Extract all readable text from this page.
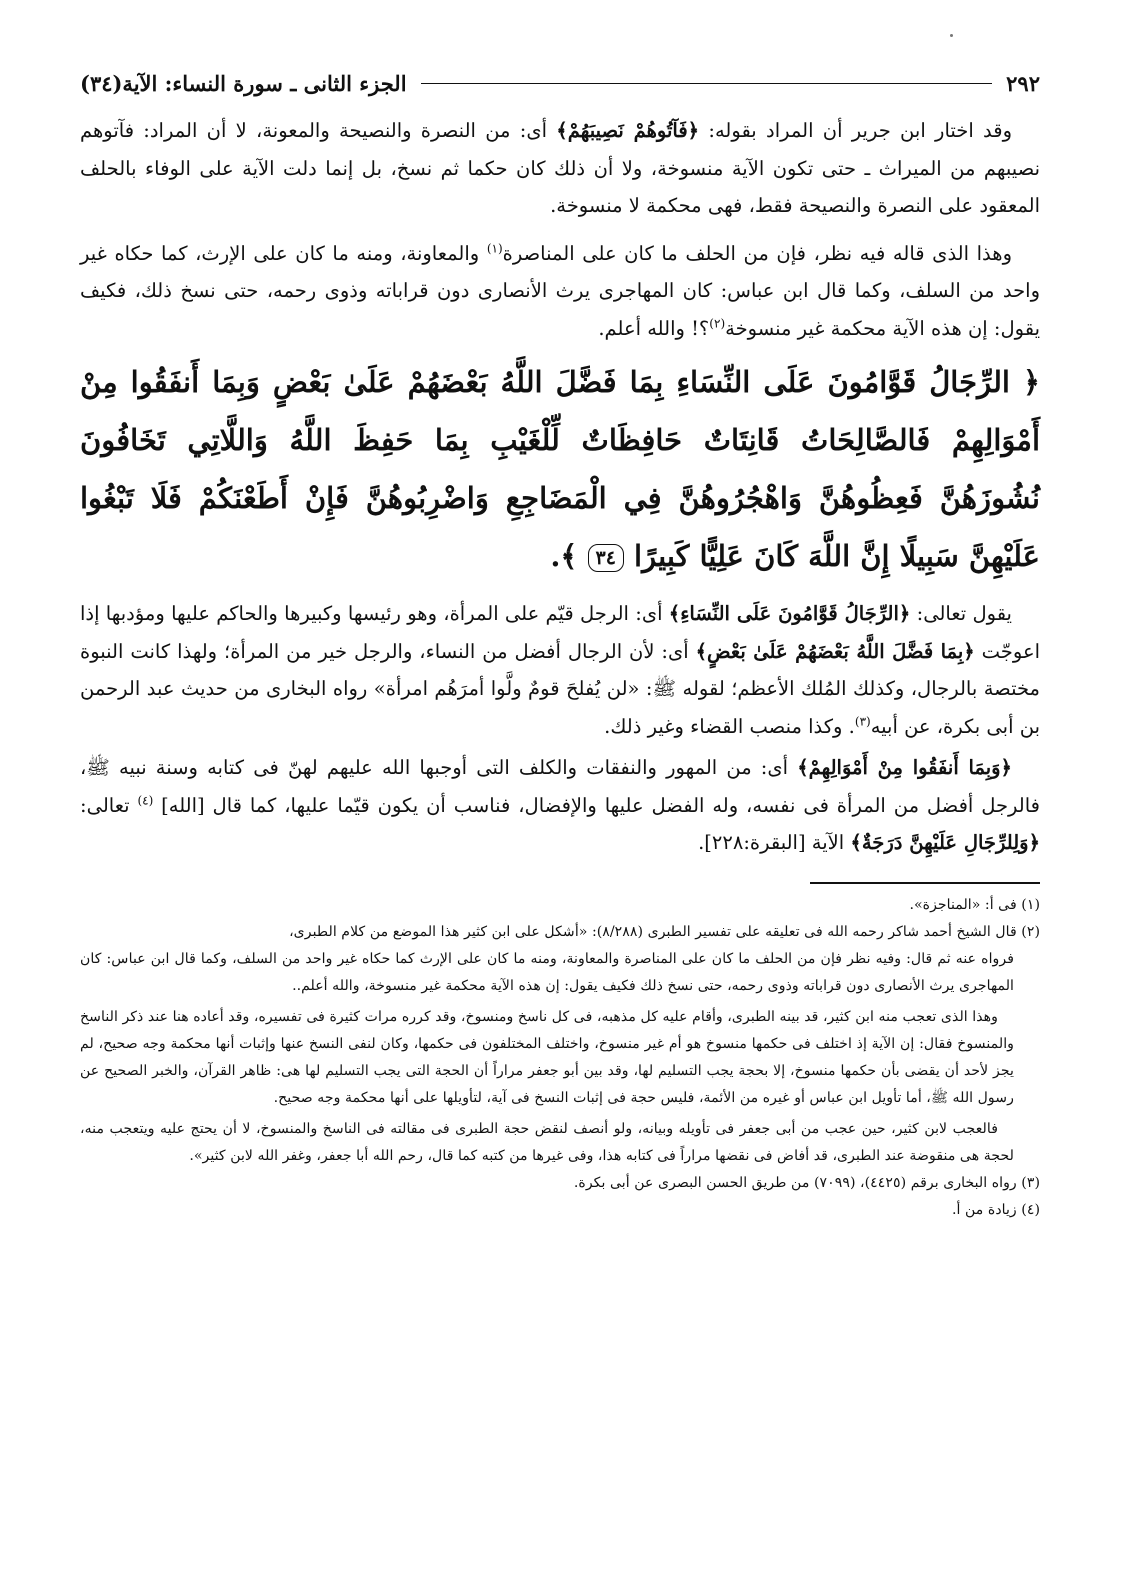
٢٩٢
الجزء الثانى ـ سورة النساء: الآية(٣٤)

وقد اختار ابن جرير أن المراد بقوله: ﴿فَآتُوهُمْ نَصِيبَهُمْ﴾ أى: من النصرة والنصيحة والمعونة، لا أن المراد: فآتوهم نصيبهم من الميراث ـ حتى تكون الآية منسوخة، ولا أن ذلك كان حكما ثم نسخ، بل إنما دلت الآية على الوفاء بالحلف المعقود على النصرة والنصيحة فقط، فهى محكمة لا منسوخة.

وهذا الذى قاله فيه نظر، فإن من الحلف ما كان على المناصرة$^{(١)}$ والمعاونة، ومنه ما كان على الإرث، كما حكاه غير واحد من السلف، وكما قال ابن عباس: كان المهاجرى يرث الأنصارى دون قراباته وذوى رحمه، حتى نسخ ذلك، فكيف يقول: إن هذه الآية محكمة غير منسوخة$^{(٢)}$؟! والله أعلم.

﴿ الرِّجَالُ قَوَّامُونَ عَلَى النِّسَاءِ بِمَا فَضَّلَ اللَّهُ بَعْضَهُمْ عَلَىٰ بَعْضٍ وَبِمَا أَنفَقُوا مِنْ أَمْوَالِهِمْ فَالصَّالِحَاتُ قَانِتَاتٌ حَافِظَاتٌ لِّلْغَيْبِ بِمَا حَفِظَ اللَّهُ وَاللَّاتِي تَخَافُونَ نُشُوزَهُنَّ فَعِظُوهُنَّ وَاهْجُرُوهُنَّ فِي الْمَضَاجِعِ وَاضْرِبُوهُنَّ فَإِنْ أَطَعْنَكُمْ فَلَا تَبْغُوا عَلَيْهِنَّ سَبِيلًا إِنَّ اللَّهَ كَانَ عَلِيًّا كَبِيرًا ٣٤ ﴾.

يقول تعالى: ﴿الرِّجَالُ قَوَّامُونَ عَلَى النِّسَاءِ﴾ أى: الرجل قيّم على المرأة، وهو رئيسها وكبيرها والحاكم عليها ومؤدبها إذا اعوجّت ﴿بِمَا فَضَّلَ اللَّهُ بَعْضَهُمْ عَلَىٰ بَعْضٍ﴾ أى: لأن الرجال أفضل من النساء، والرجل خير من المرأة؛ ولهذا كانت النبوة مختصة بالرجال، وكذلك المُلك الأعظم؛ لقوله ﷺ: «لن يُفلحَ قومٌ ولَّوا أمرَهُم امرأة» رواه البخارى من حديث عبد الرحمن بن أبى بكرة، عن أبيه$^{(٣)}$. وكذا منصب القضاء وغير ذلك.

﴿وَبِمَا أَنفَقُوا مِنْ أَمْوَالِهِمْ﴾ أى: من المهور والنفقات والكلف التى أوجبها الله عليهم لهنّ فى كتابه وسنة نبيه ﷺ، فالرجل أفضل من المرأة فى نفسه، وله الفضل عليها والإفضال، فناسب أن يكون قيّما عليها، كما قال [الله] $^{(٤)}$ تعالى: ﴿وَلِلرِّجَالِ عَلَيْهِنَّ دَرَجَةٌ﴾ الآية [البقرة:٢٢٨].

(١) فى أ: «المناجزة».

(٢) قال الشيخ أحمد شاكر رحمه الله فى تعليقه على تفسير الطبرى (٨/٢٨٨): «أشكل على ابن كثير هذا الموضع من كلام الطبرى،

فرواه عنه ثم قال: وفيه نظر فإن من الحلف ما كان على المناصرة والمعاونة، ومنه ما كان على الإرث كما حكاه غير واحد من السلف، وكما قال ابن عباس: كان المهاجرى يرث الأنصارى دون قراباته وذوى رحمه، حتى نسخ ذلك فكيف يقول: إن هذه الآية محكمة غير منسوخة، والله أعلم..

وهذا الذى تعجب منه ابن كثير، قد بينه الطبرى، وأقام عليه كل مذهبه، فى كل ناسخ ومنسوخ، وقد كرره مرات كثيرة فى تفسيره، وقد أعاده هنا عند ذكر الناسخ والمنسوخ فقال: إن الآية إذ اختلف فى حكمها منسوخ هو أم غير منسوخ، واختلف المختلفون فى حكمها، وكان لنفى النسخ عنها وإثبات أنها محكمة وجه صحيح، لم يجز لأحد أن يقضى بأن حكمها منسوخ، إلا بحجة يجب التسليم لها، وقد بين أبو جعفر مراراً أن الحجة التى يجب التسليم لها هى: ظاهر القرآن، والخبر الصحيح عن رسول الله ﷺ، أما تأويل ابن عباس أو غيره من الأئمة، فليس حجة فى إثبات النسخ فى آية، لتأويلها على أنها محكمة وجه صحيح.

فالعجب لابن كثير، حين عجب من أبى جعفر فى تأويله وبيانه، ولو أنصف لنقض حجة الطبرى فى مقالته فى الناسخ والمنسوخ، لا أن يحتج عليه ويتعجب منه، لحجة هى منقوضة عند الطبرى، قد أفاض فى نقضها مراراً فى كتابه هذا، وفى غيرها من كتبه كما قال، رحم الله أبا جعفر، وغفر الله لابن كثير».

(٣) رواه البخارى برقم (٤٤٢٥)، (٧٠٩٩) من طريق الحسن البصرى عن أبى بكرة.

(٤) زيادة من أ.
